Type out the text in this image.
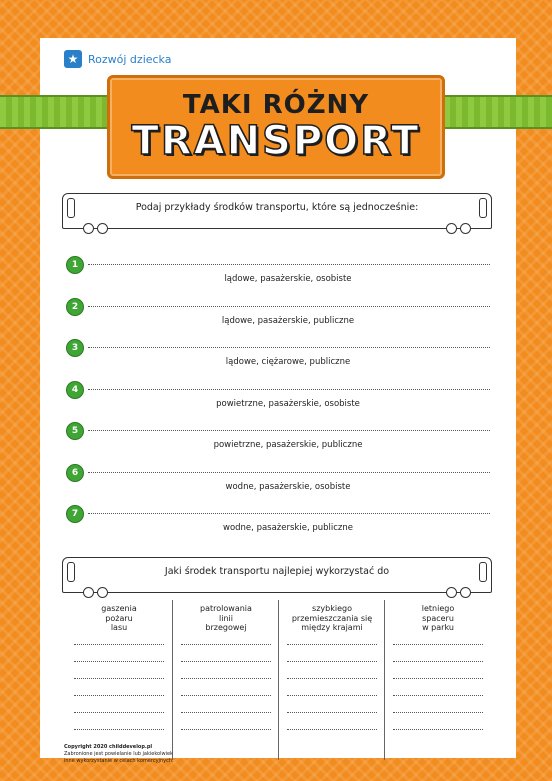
★ Rozwój dziecka
TAKI RÓŻNY
TRANSPORT
Podaj przykłady środków transportu, które są jednocześnie:
1
lądowe, pasażerskie, osobiste
2
lądowe, pasażerskie, publiczne
3
lądowe, ciężarowe, publiczne
4
powietrzne, pasażerskie, osobiste
5
powietrzne, pasażerskie, publiczne
6
wodne, pasażerskie, osobiste
7
wodne, pasażerskie, publiczne
Jaki środek transportu najlepiej wykorzystać do
gaszenia
pożaru
lasu
patrolowania
linii
brzegowej
szybkiego
przemieszczania się
między krajami
letniego
spaceru
w parku
Copyright 2020 childdevelop.pl
Zabronione jest powielanie lub jakiekolwiek
inne wykorzystanie w celach komercyjnych.
